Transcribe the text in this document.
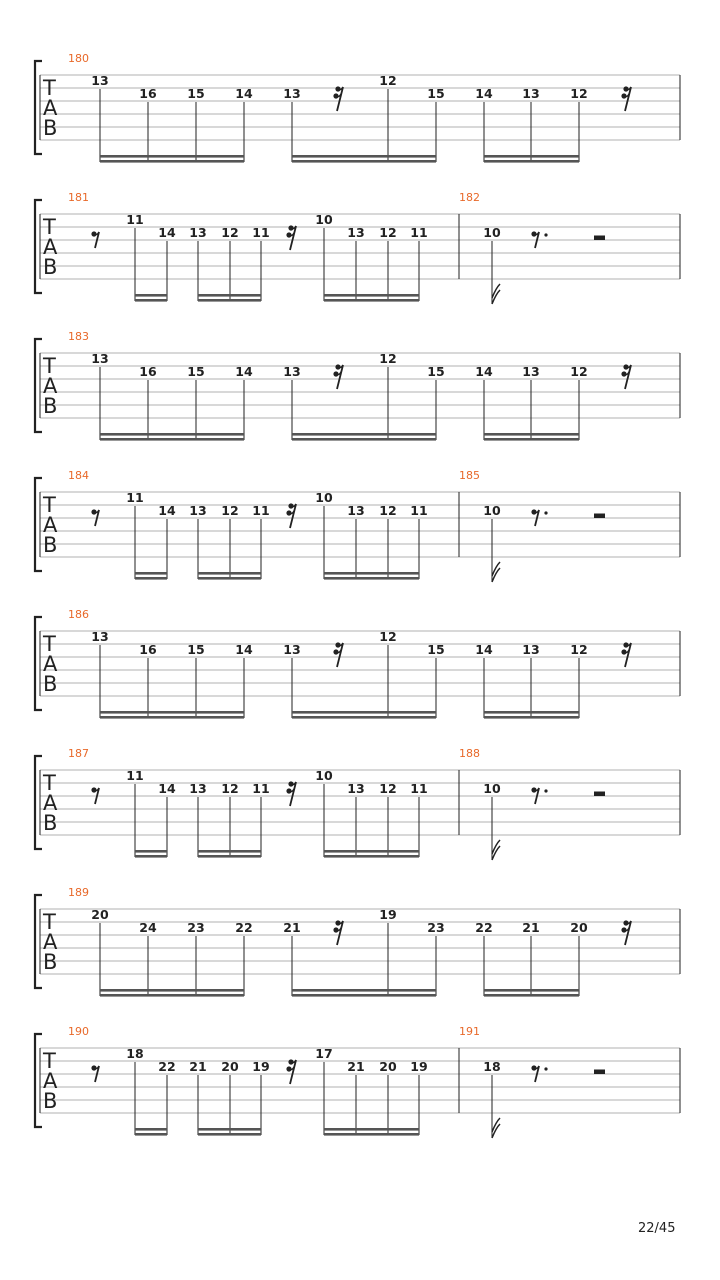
T
A
B
180
13
16 15 14 13
12
15 14 13 12
T
A
B
181	182
11
14 13 12 11
10
13 12 11	10
T
A
B
183
13
16 15 14 13
12
15 14 13 12
T
A
B
184	185
11
14 13 12 11
10
13 12 11	10
T
A
B
186
13
16 15 14 13
12
15 14 13 12
T
A
B
187	188
11
14 13 12 11
10
13 12 11	10
T
A
B
189
20
24 23 22 21
19
23 22 21 20
T
A
B
190	191
18
22 21 20 19
17
21 20 19	18
22/45
